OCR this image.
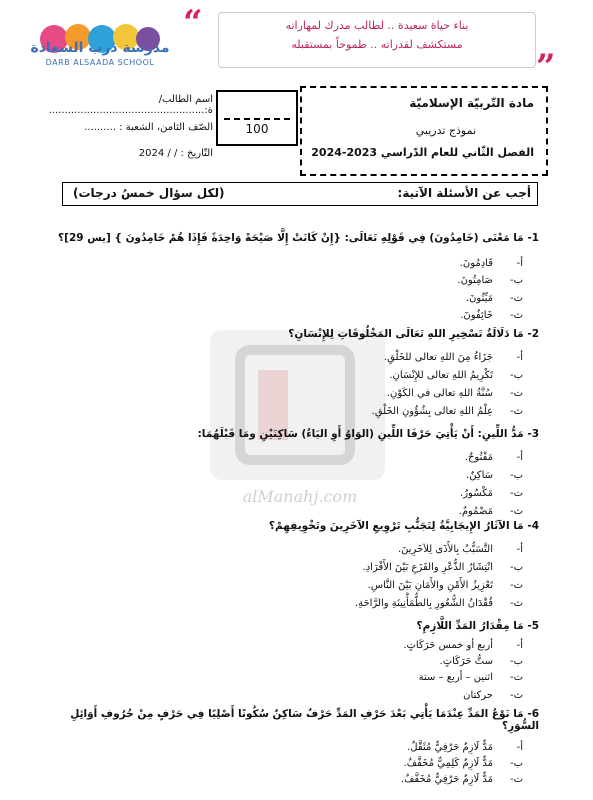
مدرسة درب السعادة
DARB ALSAADA SCHOOL
“
”
بناء حياة سعيدة .. لطالب مدرك لمهاراته
مستكشف لقدراته .. طموحاً بمستقبله
اسم الطالب/ة:.................................................
الصّف الثامن، الشعبة : ..........
التّاريخ : / / 2024
100
مادة التّربيّة الإسلاميّة
نموذج تدريبي
الفصل الثّاني للعام الدّراسي 2023-2024
أجب عن الأسئلة الآتية:
(لكل سؤال خمسُ درجات)
alManahj.com
1- مَا مَعْنَى (خَامِدُونَ) فِي قَوْلِهِ تَعَالَى: {إِنْ كَانَتْ إِلَّا صَيْحَةً وَاحِدَةً فَإِذَا هُمْ خَامِدُونَ } [يس 29]؟
أ-قَادِمُونَ.
ب-صَامِتُونَ.
ت-مَيِّتُونَ.
ث-خَائِفُونَ.
2- مَا دَلَالَةُ تَسْخِيرِ اللهِ تَعَالَى المَخْلُوقَاتِ لِلإِنْسَانِ؟
أ-جَزَاءٌ مِنَ اللهِ تعالى للخَلْقِ.
ب-تَكْرِيمُ اللهِ تعالى للإِنْسَانِ.
ت-سُنَّةُ اللهِ تعالى في الكَوْنِ.
ث-عِلْمُ اللهِ تعالى بِشُؤُونِ الخَلْقِ.
3- مَدُّ اللِّينِ: أَنْ يَأْتِيَ حَرْفَا اللِّينِ (الوَاوُ أَوِ اليَاءُ) سَاكِنَيْنِ ومَا قَبْلَهُمَا:
أ-مَفْتُوحٌ.
ب-سَاكِنٌ.
ت-مَكْسُورٌ.
ث-مَضْمُومٌ.
4- مَا الآثَارُ الإِيجَابِيَّةُ لِتَجَنُّبِ تَرْوِيعِ الآخَرِينَ وتَخْوِيفِهِمْ؟
أ-التَّسَبُّبُ بِالأَذَى لِلآخَرِينَ.
ب-انْتِشَارُ الذُّعْرِ والفَزَعِ بَيْنَ الأَفْرَادِ.
ت-تَعْزِيزُ الأَمْنِ والأَمَانِ بَيْنَ النَّاسِ.
ث-فُقْدَانُ الشُّعُورِ بِالطُّمَأْنِينَةِ والرَّاحَةِ.
5- مَا مِقْدَارُ المَدِّ اللَّازِمِ؟
أ-أربع أو خمس حَرَكَاتٍ.
ب-ستُّ حَرَكَاتٍ.
ت-اثنين – أربع – ستة
ث-حركتان
6- مَا نَوْعُ المَدِّ عِنْدَمَا يَأْتِي بَعْدَ حَرْفِ المَدِّ حَرْفٌ سَاكِنٌ سُكُونًا أَصْلِيًا فِي حَرْفٍ مِنْ حُرُوفِ أَوَائِلِ السُّوَرِ؟
أ-مَدٌّ لَازِمٌ حَرْفِيٌّ مُثَقَّلٌ.
ب-مَدٌّ لَازِمٌ كَلِمِيٌّ مُخَفَّفٌ.
ت-مَدٌّ لَازِمٌ حَرْفِيٌّ مُخَفَّفٌ.
